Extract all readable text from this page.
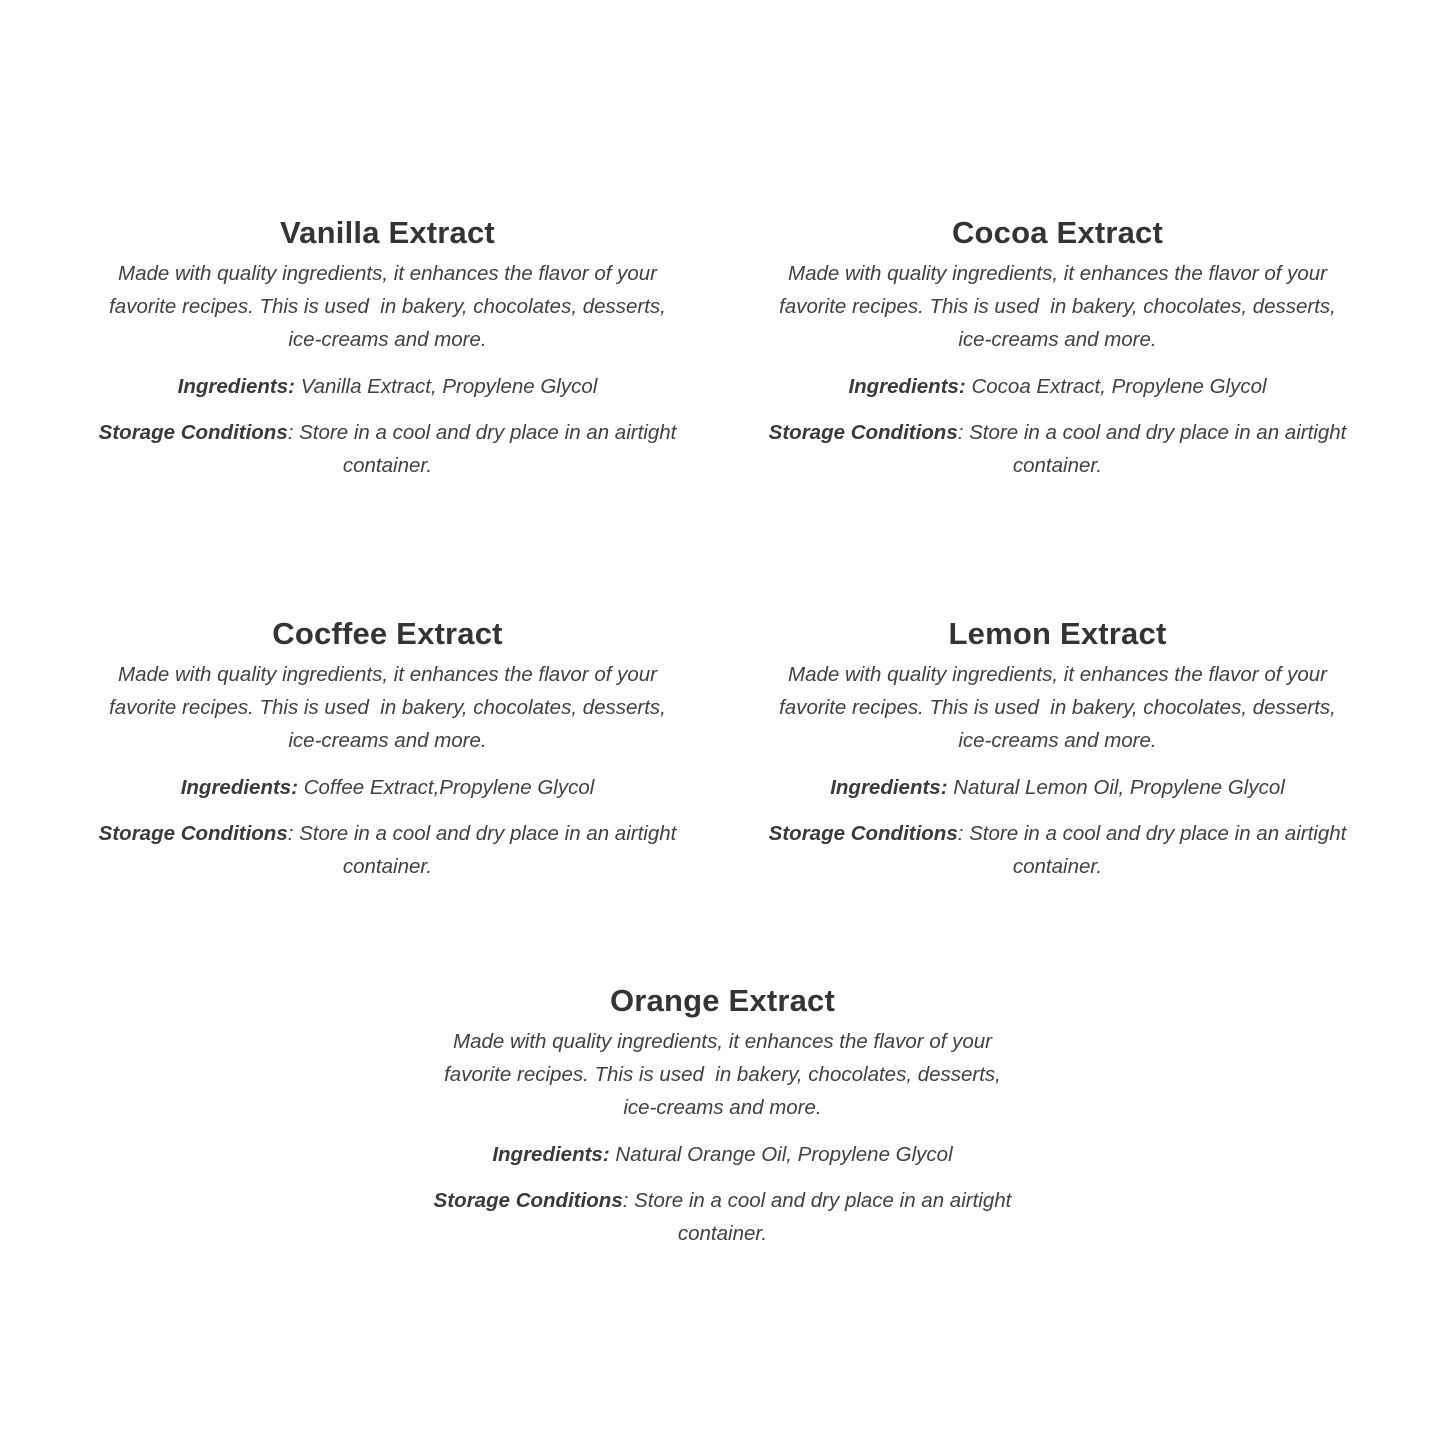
Vanilla Extract

Made with quality ingredients, it enhances the flavor of your favorite recipes. This is used  in bakery, chocolates, desserts, ice-creams and more.

Ingredients: Vanilla Extract, Propylene Glycol

Storage Conditions: Store in a cool and dry place in an airtight container.

Cocoa Extract

Made with quality ingredients, it enhances the flavor of your favorite recipes. This is used  in bakery, chocolates, desserts, ice-creams and more.

Ingredients: Cocoa Extract, Propylene Glycol

Storage Conditions: Store in a cool and dry place in an airtight container.

Cocffee Extract

Made with quality ingredients, it enhances the flavor of your favorite recipes. This is used  in bakery, chocolates, desserts, ice-creams and more.

Ingredients: Coffee Extract,Propylene Glycol

Storage Conditions: Store in a cool and dry place in an airtight container.

Lemon Extract

Made with quality ingredients, it enhances the flavor of your favorite recipes. This is used  in bakery, chocolates, desserts, ice-creams and more.

Ingredients: Natural Lemon Oil, Propylene Glycol

Storage Conditions: Store in a cool and dry place in an airtight container.

Orange Extract

Made with quality ingredients, it enhances the flavor of your favorite recipes. This is used  in bakery, chocolates, desserts, ice-creams and more.

Ingredients: Natural Orange Oil, Propylene Glycol

Storage Conditions: Store in a cool and dry place in an airtight container.
